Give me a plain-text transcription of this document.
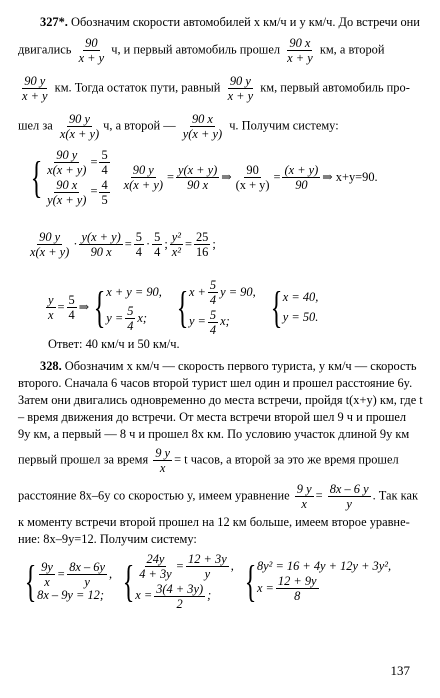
327*. Обозначим скорости автомобилей x км/ч и y км/ч. До встречи они
двигались $\frac{90}{x + y} ч$, и первый автомобиль прошел $\frac{90 x}{x + y}$ км, а второй
$\frac{90 y}{x + y}$ км. Тогда остаток пути, равный $\frac{90 y}{x + y}$ км, первый автомобиль про-
шел за $\frac{90 y}{x(x + y)} ч$, а второй — $\frac{90 x}{y(x + y)} ч$. Получим систему:
{ $\frac{90 y}{x(x + y)} = \frac{5}{4}$
$\frac{90 x}{y(x + y)} = \frac{4}{5} \frac{90 y}{x(x + y)} = \frac{y(x + y)}{90 x}$ ⇒ $\frac{90}{(x + y)} = \frac{(x + y)}{90}$ ⇒ x+y=90.
90 y
x(x + y)
· $\frac{y(x + y)}{90 x} = \frac{5}{4} \cdot 5$
4
; $\frac{\text{y²}}{\text{x²}} = \frac{25}{16}$ ;
$\frac{y}{x} = \frac{5}{4}$ ⇒ { x + y = 90,
y = 5
4
x; { x + 5
4
y = 90,
y = 5
4
x; { x = 40,
y = 50.
Ответ: 40 км/ч и 50 км/ч.
328. Обозначим x км/ч — скорость первого туриста, y км/ч — скорость
второго. Сначала 6 часов второй турист шел один и прошел расстояние 6y.
Затем они двигались одновременно до места встречи, пройдя t(x+y) км, где t
– время движения до встречи. От места встречи второй шел 9 ч и прошел
9y км, а первый — 8 ч и прошел 8x км. По условию участок длиной 9y км
первый прошел за время $\frac{9 y}{x} = t$ часов, а второй за это же время прошел
расстояние 8x–6y со скоростью y, имеем уравнение $\frac{9 y}{x} = \frac{8x - 6 y}{y}$ . Так как
к моменту встречи второй прошел на 12 км больше, имеем второе уравне-
ние: 8x–9y=12. Получим систему:
{ 9y
x
= 8x – 6y
y
,
8x – 9y = 12; { 24y
4 + 3y
= 12 + 3y
y
,
x = 3(4 + 3y)
2
; { 8y² = 16 + 4y + 12y + 3y²,
x = 12 + 9y
8
137
